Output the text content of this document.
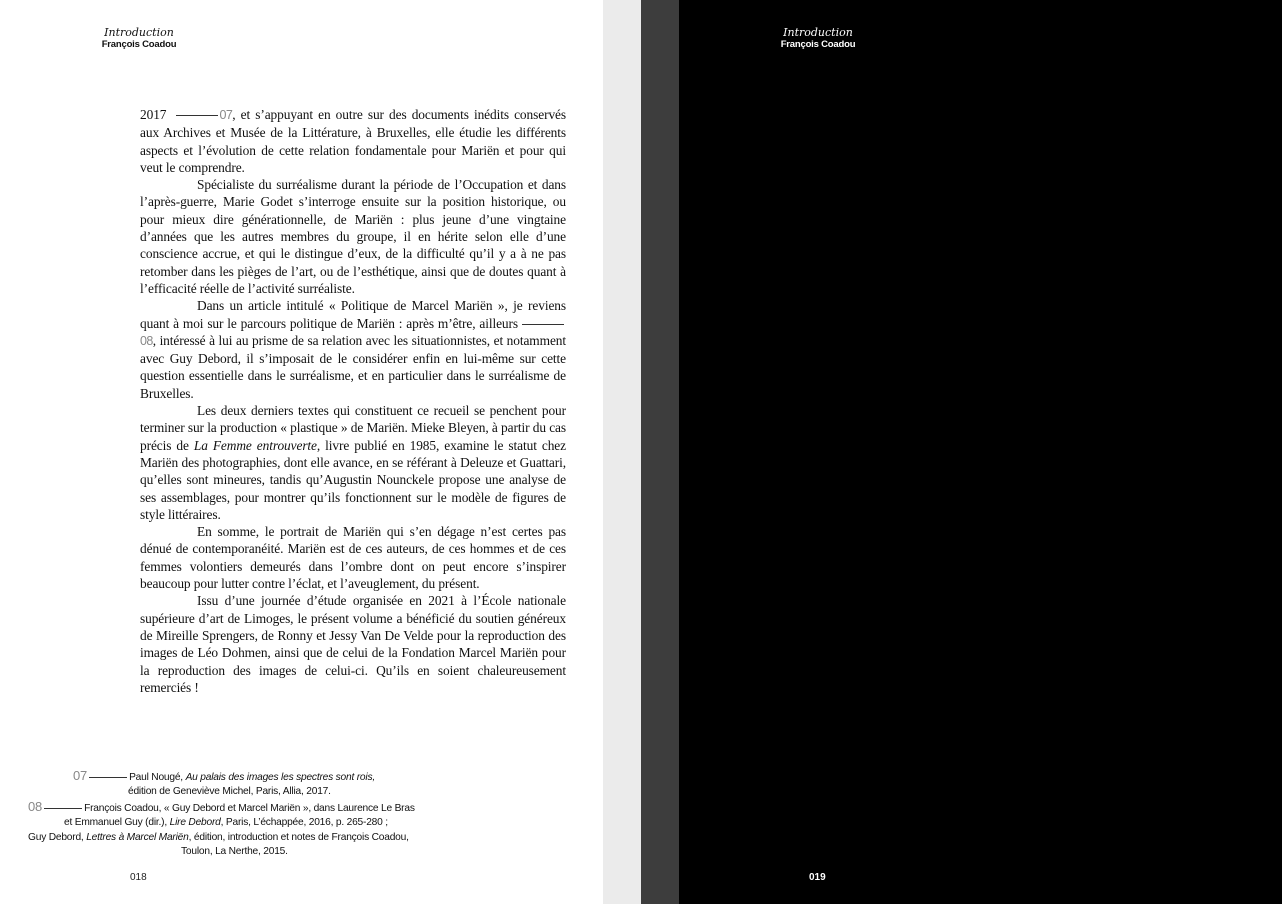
Introduction
François Coadou
Introduction
François Coadou

2017	07, et s’appuyant en outre sur des documents inédits conservés aux Archives et Musée de la Littérature, à Bruxelles, elle étudie les différents aspects et l’évolution de cette relation fondamentale pour Mariën et pour qui veut le comprendre.

Spécialiste du surréalisme durant la période de l’Occupation et dans l’après-guerre, Marie Godet s’interroge ensuite sur la position historique, ou pour mieux dire générationnelle, de Mariën : plus jeune d’une vingtaine d’années que les autres membres du groupe, il en hérite selon elle d’une conscience accrue, et qui le distingue d’eux, de la difficulté qu’il y a à ne pas retomber dans les pièges de l’art, ou de l’esthétique, ainsi que de doutes quant à l’efficacité réelle de l’activité surréaliste.

Dans un article intitulé « Politique de Marcel Mariën », je reviens quant à moi sur le parcours politique de Mariën : après m’être, ailleurs08, intéressé à lui au prisme de sa relation avec les situationnistes, et notamment avec Guy Debord, il s’imposait de le considérer enfin en lui-même sur cette question essentielle dans le surréalisme, et en particulier dans le surréalisme de Bruxelles.

Les deux derniers textes qui constituent ce recueil se penchent pour terminer sur la production « plastique » de Mariën. Mieke Bleyen, à partir du cas précis de La Femme entrouverte, livre publié en 1985, examine le statut chez Mariën des photographies, dont elle avance, en se référant à Deleuze et Guattari, qu’elles sont mineures, tandis qu’Augustin Nounckele propose une analyse de ses assemblages, pour montrer qu’ils fonctionnent sur le modèle de figures de style littéraires.

En somme, le portrait de Mariën qui s’en dégage n’est certes pas dénué de contemporanéité. Mariën est de ces auteurs, de ces hommes et de ces femmes volontiers demeurés dans l’ombre dont on peut encore s’inspirer beaucoup pour lutter contre l’éclat, et l’aveuglement, du présent.

Issu d’une journée d’étude organisée en 2021 à l’École nationale supérieure d’art de Limoges, le présent volume a bénéficié du soutien généreux de Mireille Sprengers, de Ronny et Jessy Van De Velde pour la reproduction des images de Léo Dohmen, ainsi que de celui de la Fondation Marcel Mariën pour la reproduction des images de celui-ci. Qu’ils en soient chaleureusement remerciés !

07	Paul Nougé, Au palais des images les spectres sont rois,
édition de Geneviève Michel, Paris, Allia, 2017.
08	François Coadou, « Guy Debord et Marcel Mariën », dans Laurence Le Bras
et Emmanuel Guy (dir.), Lire Debord, Paris, L’échappée, 2016, p. 265-280 ;
Guy Debord, Lettres à Marcel Mariën, édition, introduction et notes de François Coadou,
Toulon, La Nerthe, 2015.
018	019
